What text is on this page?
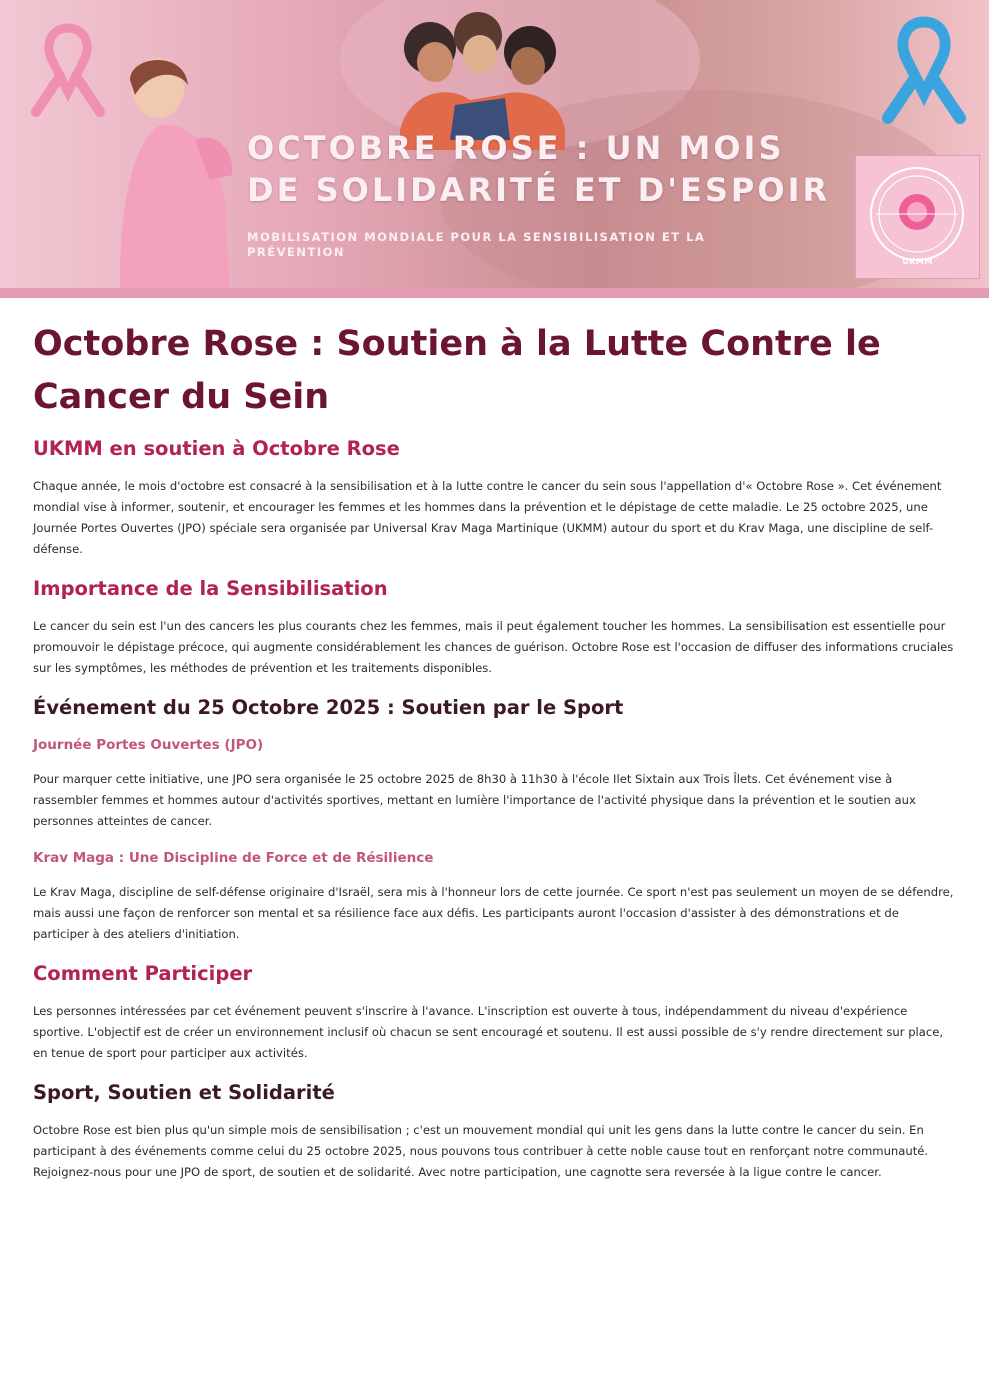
OCTOBRE ROSE : UN MOIS DE SOLIDARITÉ ET D'ESPOIR
MOBILISATION MONDIALE POUR LA SENSIBILISATION ET LA PRÉVENTION
UKMM
Octobre Rose : Soutien à la Lutte Contre le Cancer du Sein
UKMM en soutien à Octobre Rose

Chaque année, le mois d'octobre est consacré à la sensibilisation et à la lutte contre le cancer du sein sous l'appellation d'« Octobre Rose ». Cet événement mondial vise à informer, soutenir, et encourager les femmes et les hommes dans la prévention et le dépistage de cette maladie. Le 25 octobre 2025, une Journée Portes Ouvertes (JPO) spéciale sera organisée par Universal Krav Maga Martinique (UKMM) autour du sport et du Krav Maga, une discipline de self-défense.

Importance de la Sensibilisation

Le cancer du sein est l'un des cancers les plus courants chez les femmes, mais il peut également toucher les hommes. La sensibilisation est essentielle pour promouvoir le dépistage précoce, qui augmente considérablement les chances de guérison. Octobre Rose est l'occasion de diffuser des informations cruciales sur les symptômes, les méthodes de prévention et les traitements disponibles.

Événement du 25 Octobre 2025 : Soutien par le Sport
Journée Portes Ouvertes (JPO)

Pour marquer cette initiative, une JPO sera organisée le 25 octobre 2025 de 8h30 à 11h30 à l'école Ilet Sixtain aux Trois Îlets. Cet événement vise à rassembler femmes et hommes autour d'activités sportives, mettant en lumière l'importance de l'activité physique dans la prévention et le soutien aux personnes atteintes de cancer.

Krav Maga : Une Discipline de Force et de Résilience

Le Krav Maga, discipline de self-défense originaire d'Israël, sera mis à l'honneur lors de cette journée. Ce sport n'est pas seulement un moyen de se défendre, mais aussi une façon de renforcer son mental et sa résilience face aux défis. Les participants auront l'occasion d'assister à des démonstrations et de participer à des ateliers d'initiation.

Comment Participer

Les personnes intéressées par cet événement peuvent s'inscrire à l'avance. L'inscription est ouverte à tous, indépendamment du niveau d'expérience sportive. L'objectif est de créer un environnement inclusif où chacun se sent encouragé et soutenu. Il est aussi possible de s'y rendre directement sur place, en tenue de sport pour participer aux activités.

Sport, Soutien et Solidarité

Octobre Rose est bien plus qu'un simple mois de sensibilisation ; c'est un mouvement mondial qui unit les gens dans la lutte contre le cancer du sein. En participant à des événements comme celui du 25 octobre 2025, nous pouvons tous contribuer à cette noble cause tout en renforçant notre communauté. Rejoignez-nous pour une JPO de sport, de soutien et de solidarité. Avec notre participation, une cagnotte sera reversée à la ligue contre le cancer.
